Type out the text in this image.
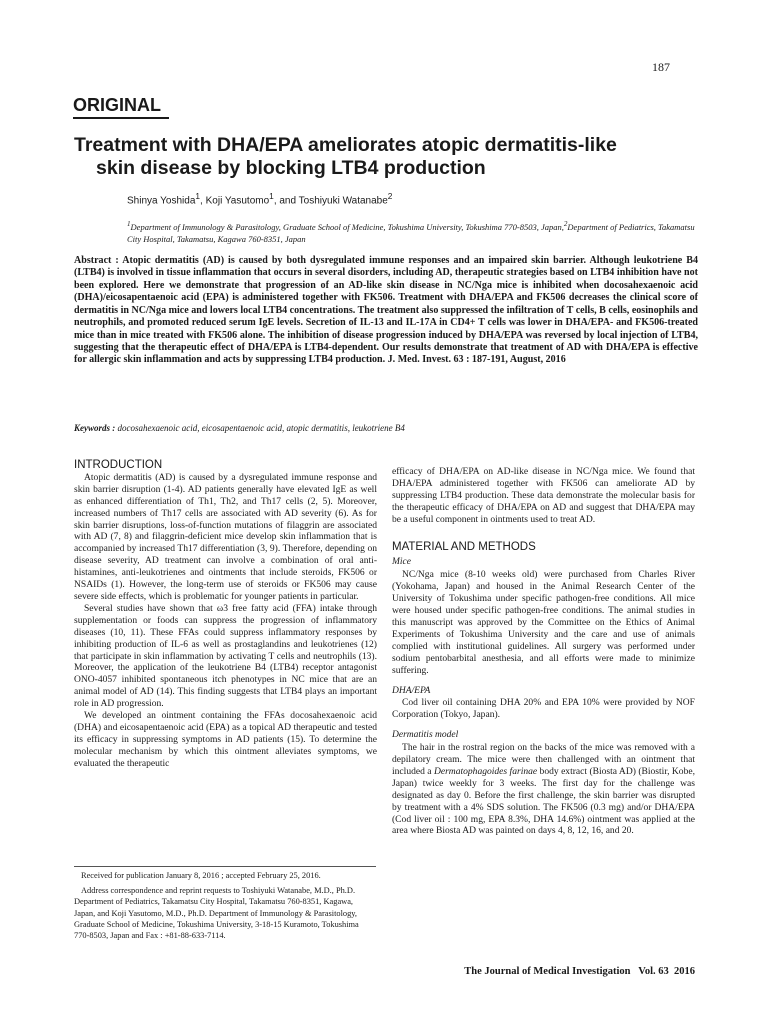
187
ORIGINAL
Treatment with DHA/EPA ameliorates atopic dermatitis-like
skin disease by blocking LTB4 production
Shinya Yoshida$^1$, Koji Yasutomo$^1$, and Toshiyuki Watanabe$^2$
$^1$Department of Immunology & Parasitology, Graduate School of Medicine, Tokushima University, Tokushima 770-8503, Japan,$^2$Department of Pediatrics, Takamatsu City Hospital, Takamatsu, Kagawa 760-8351, Japan
Abstract : Atopic dermatitis (AD) is caused by both dysregulated immune responses and an impaired skin barrier. Although leukotriene B4 (LTB4) is involved in tissue inflammation that occurs in several disorders, including AD, therapeutic strategies based on LTB4 inhibition have not been explored. Here we demonstrate that progression of an AD-like skin disease in NC/Nga mice is inhibited when docosahexaenoic acid (DHA)/eicosapentaenoic acid (EPA) is administered together with FK506. Treatment with DHA/EPA and FK506 decreases the clinical score of dermatitis in NC/Nga mice and lowers local LTB4 concentrations. The treatment also suppressed the infiltration of T cells, B cells, eosinophils and neutrophils, and promoted reduced serum IgE levels. Secretion of IL-13 and IL-17A in CD4+ T cells was lower in DHA/EPA- and FK506-treated mice than in mice treated with FK506 alone. The inhibition of disease progression induced by DHA/EPA was reversed by local injection of LTB4, suggesting that the therapeutic effect of DHA/EPA is LTB4-dependent. Our results demonstrate that treatment of AD with DHA/EPA is effective for allergic skin inflammation and acts by suppressing LTB4 production. J. Med. Invest. 63 : 187-191, August, 2016
Keywords : docosahexaenoic acid, eicosapentaenoic acid, atopic dermatitis, leukotriene B4

INTRODUCTION

Atopic dermatitis (AD) is caused by a dysregulated immune response and skin barrier disruption (1-4). AD patients generally have elevated IgE as well as enhanced differentiation of Th1, Th2, and Th17 cells (2, 5). Moreover, increased numbers of Th17 cells are associated with AD severity (6). As for skin barrier disruptions, loss-of-function mutations of filaggrin are associated with AD (7, 8) and filaggrin-deficient mice develop skin inflammation that is accompanied by increased Th17 differentiation (3, 9). Therefore, depending on disease severity, AD treatment can involve a combination of oral anti-histamines, anti-leukotrienes and ointments that include steroids, FK506 or NSAIDs (1). However, the long-term use of steroids or FK506 may cause severe side effects, which is problematic for younger patients in particular.

Several studies have shown that ω3 free fatty acid (FFA) intake through supplementation or foods can suppress the progression of inflammatory diseases (10, 11). These FFAs could suppress inflammatory responses by inhibiting production of IL-6 as well as prostaglandins and leukotrienes (12) that participate in skin inflammation by activating T cells and neutrophils (13). Moreover, the application of the leukotriene B4 (LTB4) receptor antagonist ONO-4057 inhibited spontaneous itch phenotypes in NC mice that are an animal model of AD (14). This finding suggests that LTB4 plays an important role in AD progression.

We developed an ointment containing the FFAs docosahexaenoic acid (DHA) and eicosapentaenoic acid (EPA) as a topical AD therapeutic and tested its efficacy in suppressing symptoms in AD patients (15). To determine the molecular mechanism by which this ointment alleviates symptoms, we evaluated the therapeutic

efficacy of DHA/EPA on AD-like disease in NC/Nga mice. We found that DHA/EPA administered together with FK506 can ameliorate AD by suppressing LTB4 production. These data demonstrate the molecular basis for the therapeutic efficacy of DHA/EPA on AD and suggest that DHA/EPA may be a useful component in ointments used to treat AD.

MATERIAL AND METHODS

Mice

NC/Nga mice (8-10 weeks old) were purchased from Charles River (Yokohama, Japan) and housed in the Animal Research Center of the University of Tokushima under specific pathogen-free conditions. All mice were housed under specific pathogen-free conditions. The animal studies in this manuscript was approved by the Committee on the Ethics of Animal Experiments of Tokushima University and the care and use of animals complied with institutional guidelines. All surgery was performed under sodium pentobarbital anesthesia, and all efforts were made to minimize suffering.

DHA/EPA

Cod liver oil containing DHA 20% and EPA 10% were provided by NOF Corporation (Tokyo, Japan).

Dermatitis model

The hair in the rostral region on the backs of the mice was removed with a depilatory cream. The mice were then challenged with an ointment that included a Dermatophagoides farinae body extract (Biosta AD) (Biostir, Kobe, Japan) twice weekly for 3 weeks. The first day for the challenge was designated as day 0. Before the first challenge, the skin barrier was disrupted by treatment with a 4% SDS solution. The FK506 (0.3 mg) and/or DHA/EPA (Cod liver oil : 100 mg, EPA 8.3%, DHA 14.6%) ointment was applied at the area where Biosta AD was painted on days 4, 8, 12, 16, and 20.

Received for publication January 8, 2016 ; accepted February 25, 2016.

Address correspondence and reprint requests to Toshiyuki Watanabe, M.D., Ph.D. Department of Pediatrics, Takamatsu City Hospital, Takamatsu 760-8351, Kagawa, Japan, and Koji Yasutomo, M.D., Ph.D. Department of Immunology & Parasitology, Graduate School of Medicine, Tokushima University, 3-18-15 Kuramoto, Tokushima 770-8503, Japan and Fax : +81-88-633-7114.

The Journal of Medical Investigation   Vol. 63  2016
